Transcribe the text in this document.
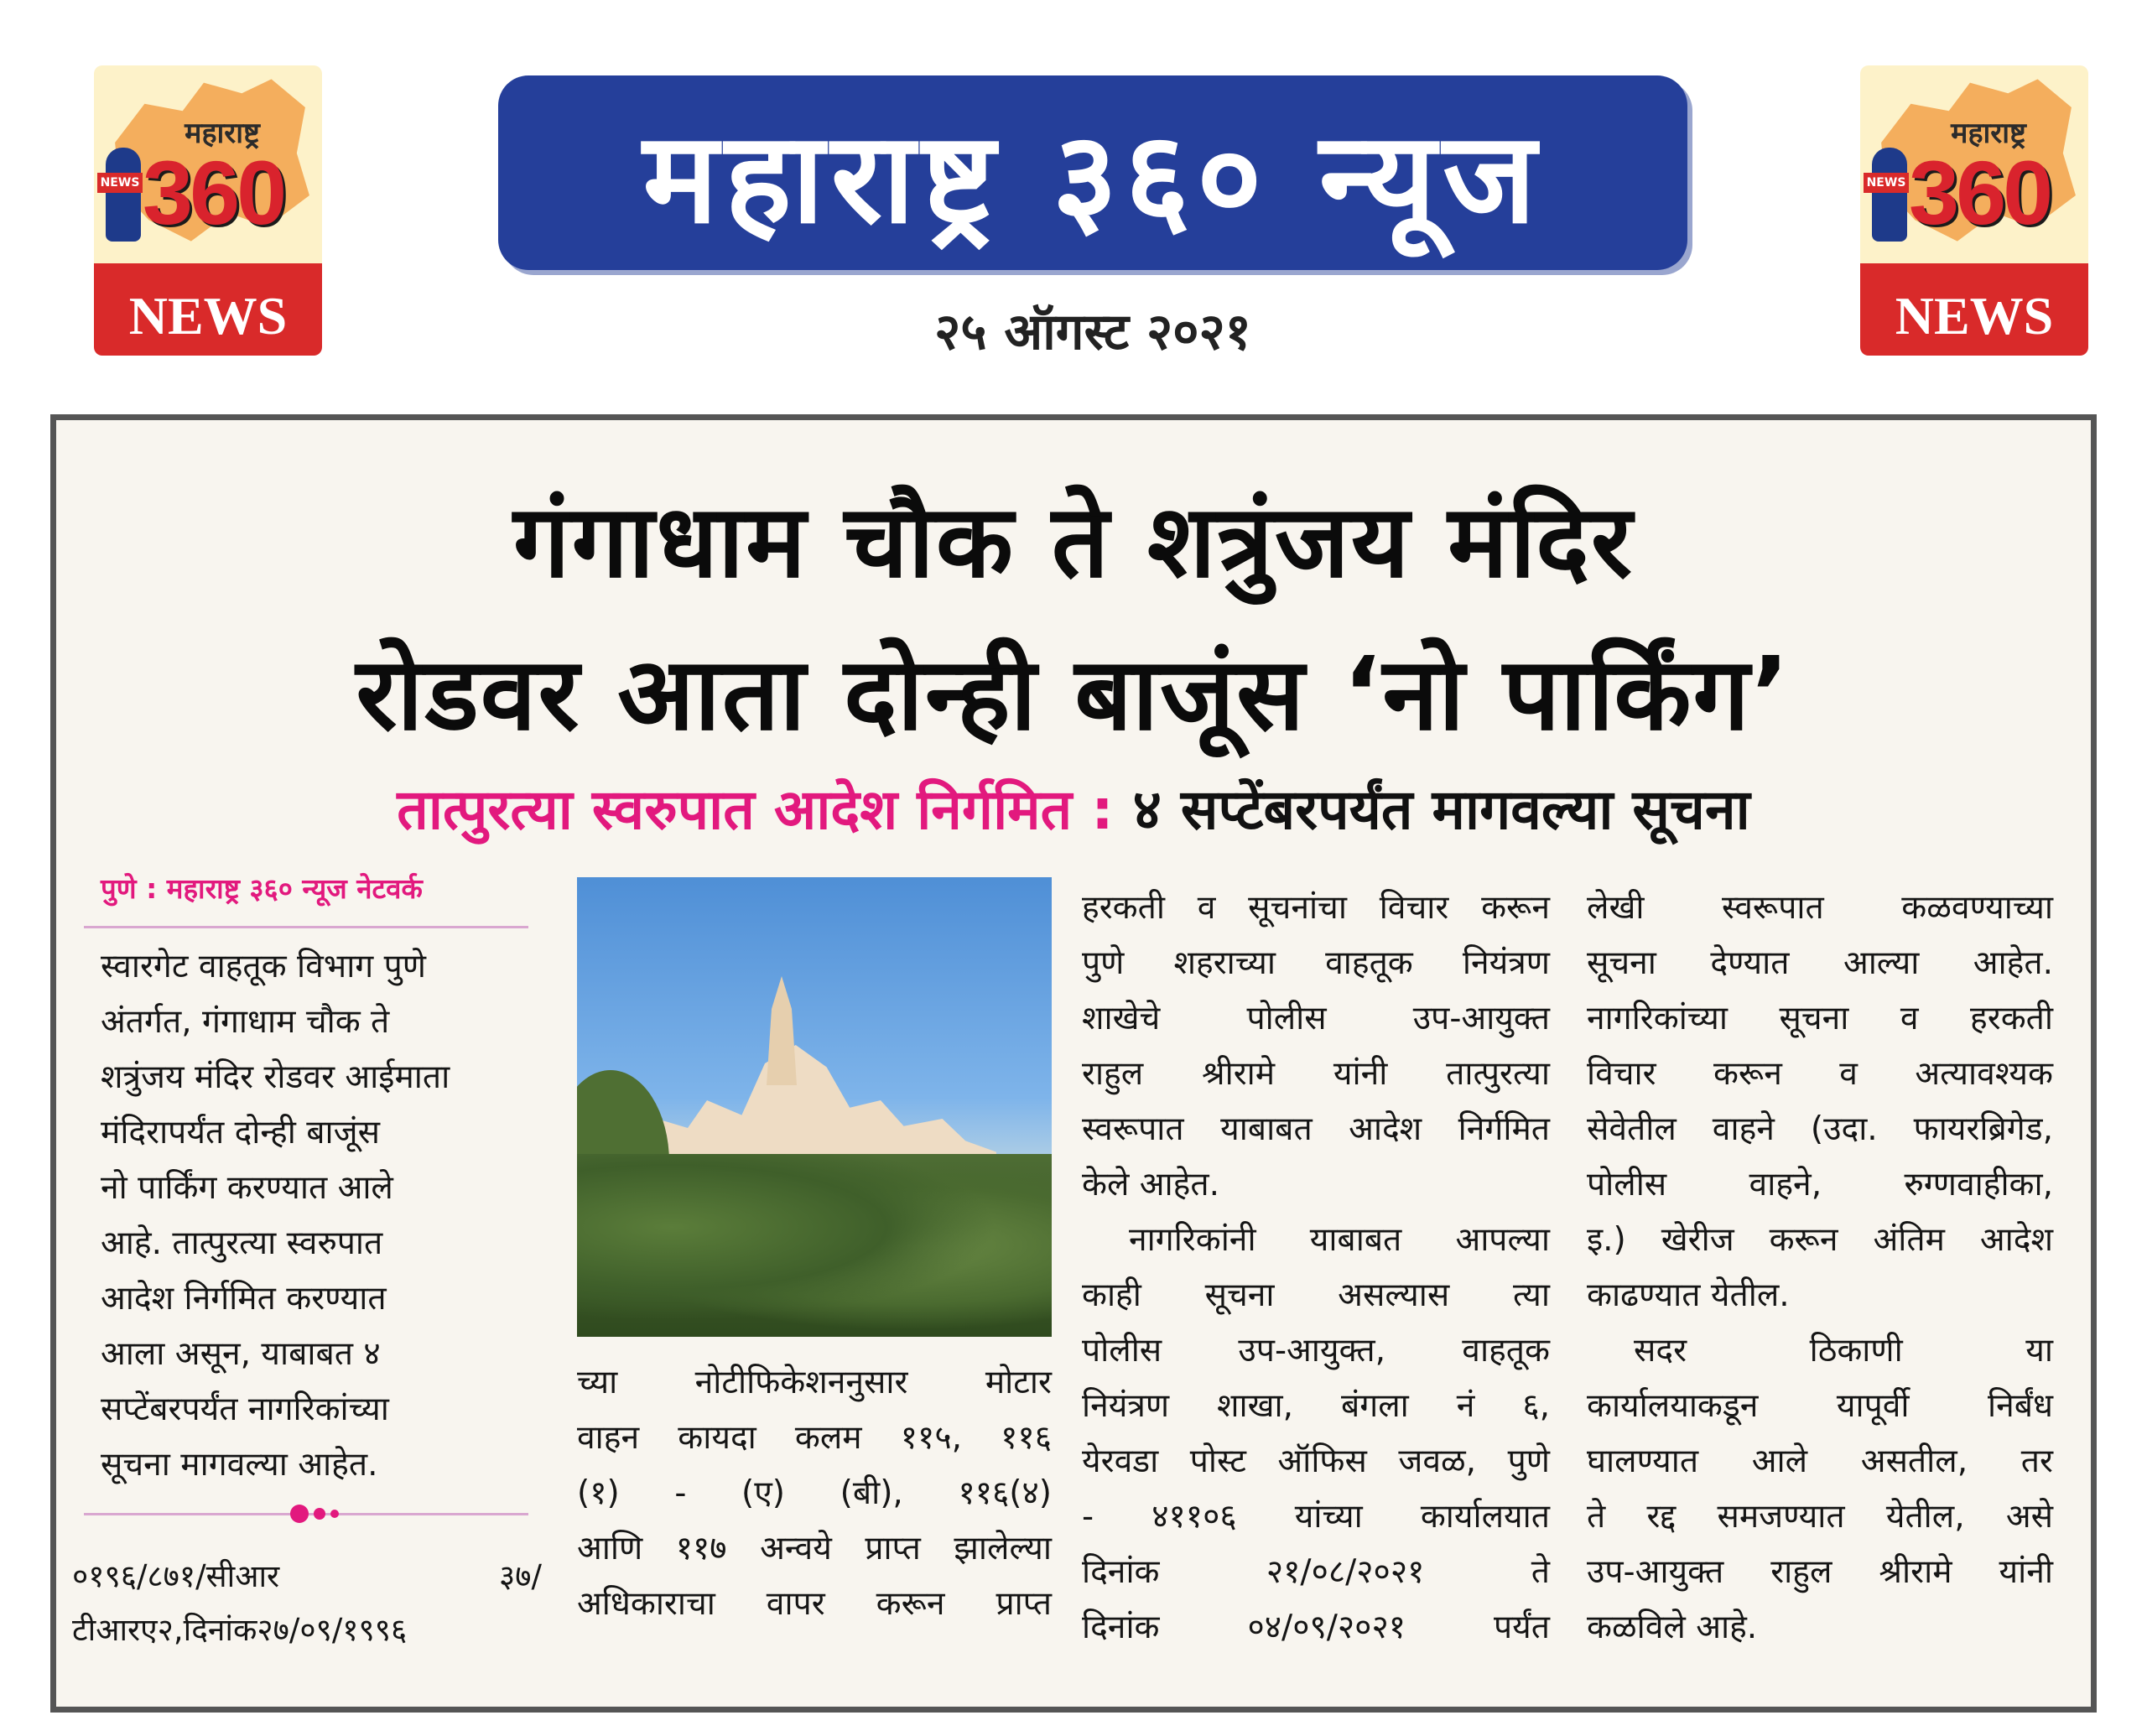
महाराष्ट्र
NEWS 360
NEWS
महाराष्ट्र
NEWS 360
NEWS
महाराष्ट्र ३६० न्यूज
२५ ऑगस्ट २०२१
गंगाधाम चौक ते शत्रुंजय मंदिर
रोडवर आता दोन्ही बाजूंस ‘नो पार्किंग’
तात्पुरत्या स्वरुपात आदेश निर्गमित : ४ सप्टेंबरपर्यंत मागवल्या सूचना
पुणे : महाराष्ट्र ३६० न्यूज नेटवर्क
स्वारगेट वाहतूक विभाग पुणे
अंतर्गत, गंगाधाम चौक ते
शत्रुंजय मंदिर रोडवर आईमाता
मंदिरापर्यंत दोन्ही बाजूंस
नो पार्किंग करण्यात आले
आहे. तात्पुरत्या स्वरुपात
आदेश निर्गमित करण्यात
आला असून, याबाबत ४
सप्टेंबरपर्यंत नागरिकांच्या
सूचना मागवल्या आहेत.
०१९६/८७१/सीआर ३७/
टीआरए२,दिनांक२७/०९/१९९६
च्या नोटीफिकेशननुसार मोटार
वाहन कायदा कलम ११५, ११६
(१) - (ए) (बी), ११६(४)
आणि ११७ अन्वये प्राप्त झालेल्या
अधिकाराचा वापर करून प्राप्त
हरकती व सूचनांचा विचार करून
पुणे शहराच्या वाहतूक नियंत्रण
शाखेचे पोलीस उप-आयुक्त
राहुल श्रीरामे यांनी तात्पुरत्या
स्वरूपात याबाबत आदेश निर्गमित
केले आहेत.
नागरिकांनी याबाबत आपल्या
काही सूचना असल्यास त्या
पोलीस उप-आयुक्त, वाहतूक
नियंत्रण शाखा, बंगला नं ६,
येरवडा पोस्ट ऑफिस जवळ, पुणे
- ४११०६ यांच्या कार्यालयात
दिनांक २१/०८/२०२१ ते
दिनांक ०४/०९/२०२१ पर्यंत
लेखी स्वरूपात कळवण्याच्या
सूचना देण्यात आल्या आहेत.
नागरिकांच्या सूचना व हरकती
विचार करून व अत्यावश्यक
सेवेतील वाहने (उदा. फायरब्रिगेड,
पोलीस वाहने, रुग्णवाहीका,
इ.) खेरीज करून अंतिम आदेश
काढण्यात येतील.
सदर ठिकाणी या
कार्यालयाकडून यापूर्वी निर्बंध
घालण्यात आले असतील, तर
ते रद्द समजण्यात येतील, असे
उप-आयुक्त राहुल श्रीरामे यांनी
कळविले आहे.
